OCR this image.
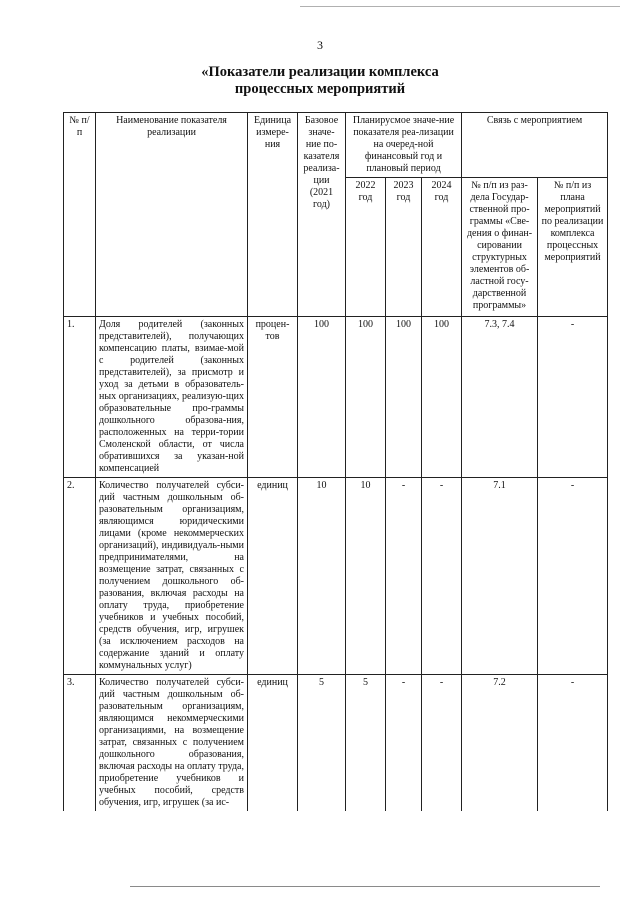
3
«Показатели реализации комплекса
процессных мероприятий
№ п/п	Наименование показателя реализации	Единица измере-ния	Базовое значе-ние по-казателя реализа-ции (2021 год)	Планирусмое значе-ние показателя реа-лизации на очеред-ной финансовый год и плановый период			Связь с мероприятием	
				2022 год	2023 год	2024 год	№ п/п из раз-дела Государ-ственной про-граммы «Све-дения о финан-сировании структурных элементов об-ластной госу-дарственной программы»	№ п/п из плана мероприятий по реализации комплекса процессных мероприятий
1.	Доля родителей (законных представителей), получающих компенсацию платы, взимае-мой с родителей (законных представителей), за присмотр и уход за детьми в образователь-ных организациях, реализую-щих образовательные про-граммы дошкольного образова-ния, расположенных на терри-тории Смоленской области, от числа обратившихся за указан-ной компенсацией	процен-тов	100	100	100	100	7.3, 7.4	-
2.	Количество получателей субси-дий частным дошкольным об-разовательным организациям, являющимся юридическими лицами (кроме некоммерческих организаций), индивидуаль-ными предпринимателями, на возмещение затрат, связанных с получением дошкольного об-разования, включая расходы на оплату труда, приобретение учебников и учебных пособий, средств обучения, игр, игрушек (за исключением расходов на содержание зданий и оплату коммунальных услуг)	единиц	10	10	-	-	7.1	-
3.	Количество получателей субси-дий частным дошкольным об-разовательным организациям, являющимся некоммерческими организациями, на возмещение затрат, связанных с получением дошкольного образования, включая расходы на оплату труда, приобретение учебников и учебных пособий, средств обучения, игр, игрушек (за ис-	единиц	5	5	-	-	7.2	-
